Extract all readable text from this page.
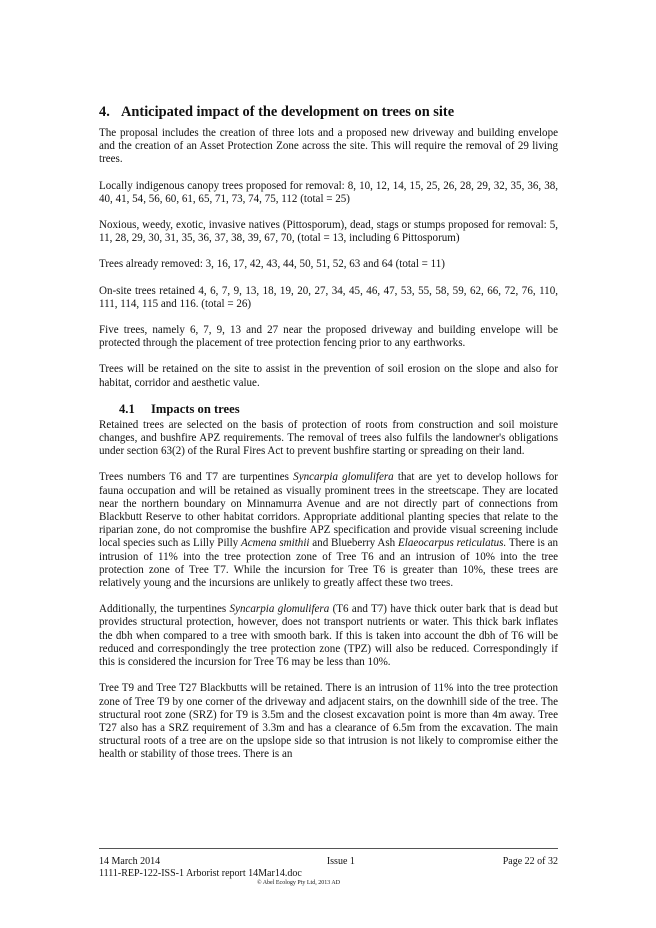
4. Anticipated impact of the development on trees on site

The proposal includes the creation of three lots and a proposed new driveway and building envelope and the creation of an Asset Protection Zone across the site. This will require the removal of 29 living trees.

Locally indigenous canopy trees proposed for removal: 8, 10, 12, 14, 15, 25, 26, 28, 29, 32, 35, 36, 38, 40, 41, 54, 56, 60, 61, 65, 71, 73, 74, 75, 112 (total = 25)

Noxious, weedy, exotic, invasive natives (Pittosporum), dead, stags or stumps proposed for removal: 5, 11, 28, 29, 30, 31, 35, 36, 37, 38, 39, 67, 70, (total = 13, including 6 Pittosporum)

Trees already removed: 3, 16, 17, 42, 43, 44, 50, 51, 52, 63 and 64 (total = 11)

On-site trees retained 4, 6, 7, 9, 13, 18, 19, 20, 27, 34, 45, 46, 47, 53, 55, 58, 59, 62, 66, 72, 76, 110, 111, 114, 115 and 116. (total = 26)

Five trees, namely 6, 7, 9, 13 and 27 near the proposed driveway and building envelope will be protected through the placement of tree protection fencing prior to any earthworks.

Trees will be retained on the site to assist in the prevention of soil erosion on the slope and also for habitat, corridor and aesthetic value.

4.1 Impacts on trees

Retained trees are selected on the basis of protection of roots from construction and soil moisture changes, and bushfire APZ requirements. The removal of trees also fulfils the landowner's obligations under section 63(2) of the Rural Fires Act to prevent bushfire starting or spreading on their land.

Trees numbers T6 and T7 are turpentines Syncarpia glomulifera that are yet to develop hollows for fauna occupation and will be retained as visually prominent trees in the streetscape. They are located near the northern boundary on Minnamurra Avenue and are not directly part of connections from Blackbutt Reserve to other habitat corridors. Appropriate additional planting species that relate to the riparian zone, do not compromise the bushfire APZ specification and provide visual screening include local species such as Lilly Pilly Acmena smithii and Blueberry Ash Elaeocarpus reticulatus. There is an intrusion of 11% into the tree protection zone of Tree T6 and an intrusion of 10% into the tree protection zone of Tree T7. While the incursion for Tree T6 is greater than 10%, these trees are relatively young and the incursions are unlikely to greatly affect these two trees.

Additionally, the turpentines Syncarpia glomulifera (T6 and T7) have thick outer bark that is dead but provides structural protection, however, does not transport nutrients or water. This thick bark inflates the dbh when compared to a tree with smooth bark. If this is taken into account the dbh of T6 will be reduced and correspondingly the tree protection zone (TPZ) will also be reduced. Correspondingly if this is considered the incursion for Tree T6 may be less than 10%.

Tree T9 and Tree T27 Blackbutts will be retained. There is an intrusion of 11% into the tree protection zone of Tree T9 by one corner of the driveway and adjacent stairs, on the downhill side of the tree. The structural root zone (SRZ) for T9 is 3.5m and the closest excavation point is more than 4m away. Tree T27 also has a SRZ requirement of 3.3m and has a clearance of 6.5m from the excavation. The main structural roots of a tree are on the upslope side so that intrusion is not likely to compromise either the health or stability of those trees. There is an

14 March 2014	Issue 1	Page 22 of 32
1111-REP-122-ISS-1 Arborist report 14Mar14.doc
© Abel Ecology Pty Ltd, 2013 AD
